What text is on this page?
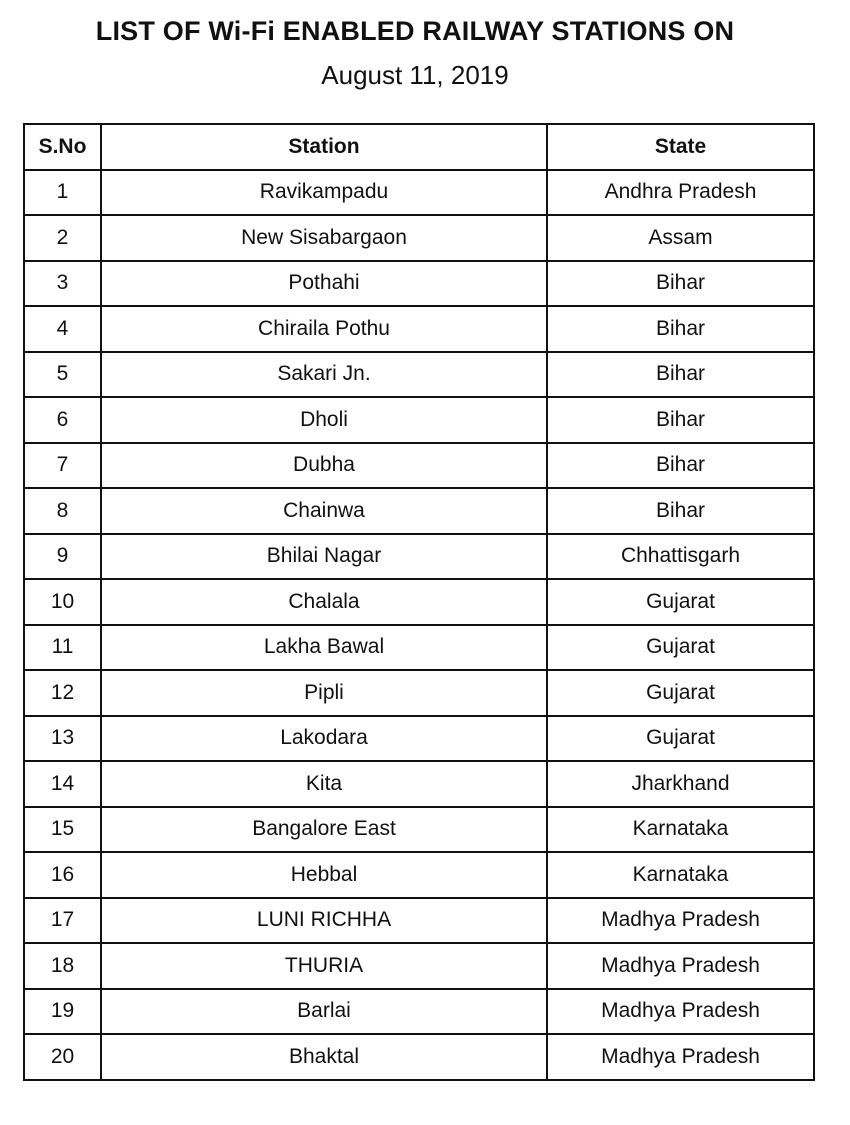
LIST OF Wi-Fi ENABLED RAILWAY STATIONS ON
August 11, 2019
S.No	Station	State
1	Ravikampadu	Andhra Pradesh
2	New Sisabargaon	Assam
3	Pothahi	Bihar
4	Chiraila Pothu	Bihar
5	Sakari Jn.	Bihar
6	Dholi	Bihar
7	Dubha	Bihar
8	Chainwa	Bihar
9	Bhilai Nagar	Chhattisgarh
10	Chalala	Gujarat
11	Lakha Bawal	Gujarat
12	Pipli	Gujarat
13	Lakodara	Gujarat
14	Kita	Jharkhand
15	Bangalore East	Karnataka
16	Hebbal	Karnataka
17	LUNI RICHHA	Madhya Pradesh
18	THURIA	Madhya Pradesh
19	Barlai	Madhya Pradesh
20	Bhaktal	Madhya Pradesh
